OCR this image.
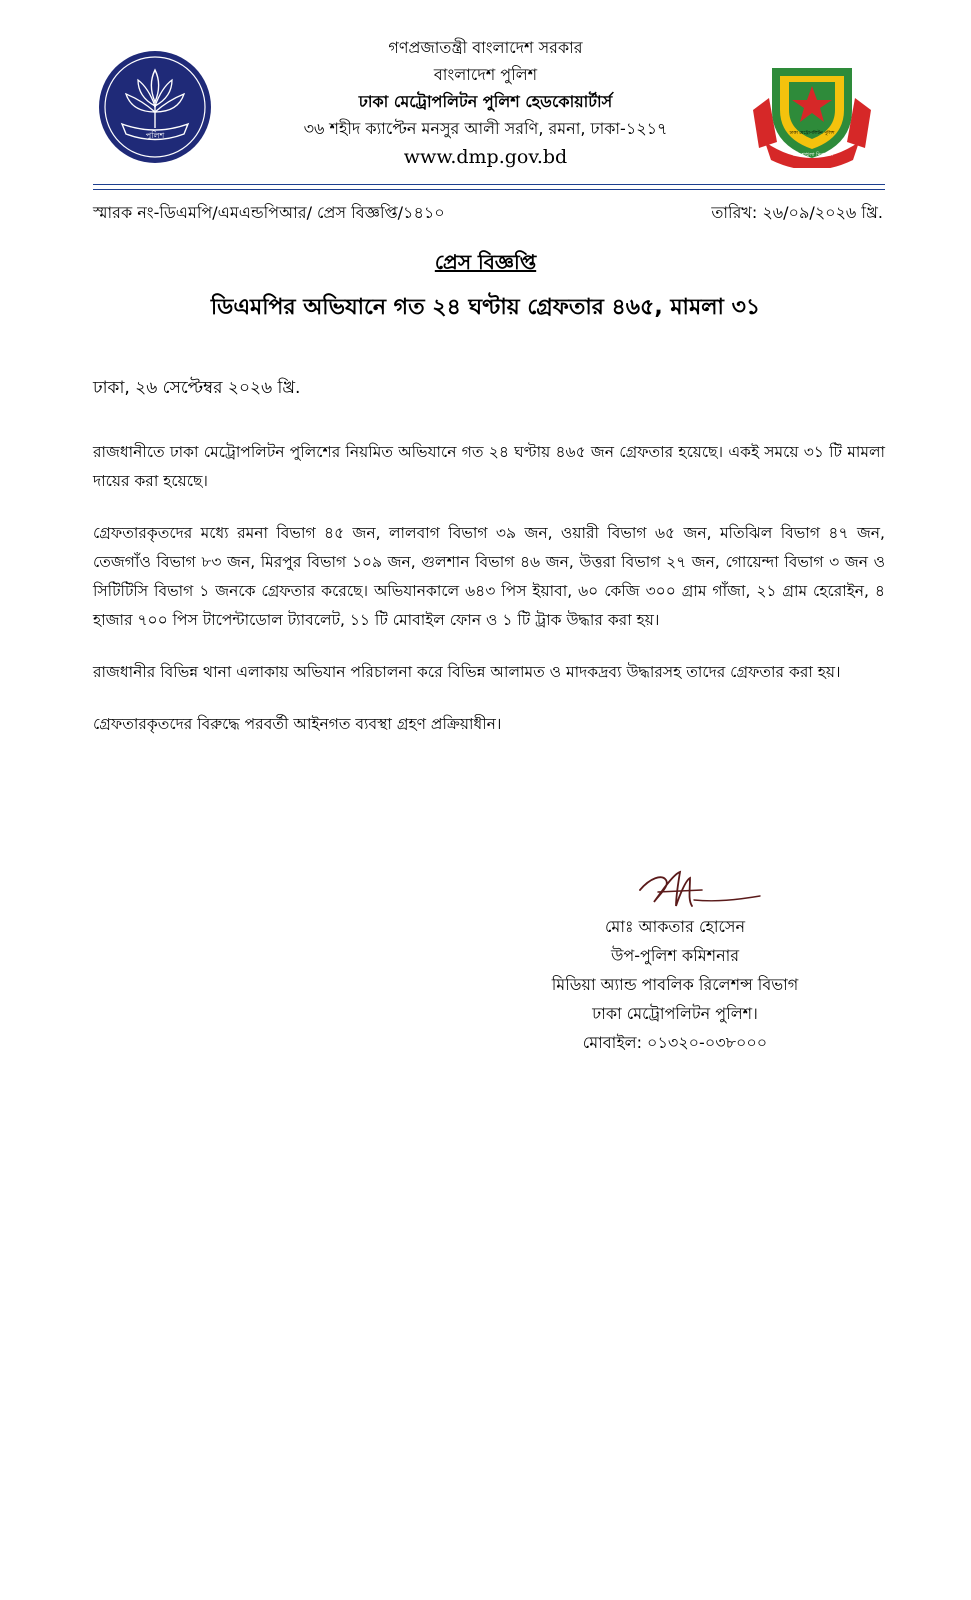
পুলিশ
গণপ্রজাতন্ত্রী বাংলাদেশ সরকার
বাংলাদেশ পুলিশ
ঢাকা মেট্রোপলিটন পুলিশ হেডকোয়ার্টার্স
৩৬ শহীদ ক্যাপ্টেন মনসুর আলী সরণি, রমনা, ঢাকা-১২১৭
www.dmp.gov.bd	শান্তি শৃঙ্খলা নিরাপত্তা
ঢাকা মেট্রোপলিটন পুলিশ
স্মারক নং-ডিএমপি/এমএন্ডপিআর/ প্রেস বিজ্ঞপ্তি/১৪১০	তারিখ: ২৬/০৯/২০২৬ খ্রি.
প্রেস বিজ্ঞপ্তি
ডিএমপির অভিযানে গত ২৪ ঘণ্টায় গ্রেফতার ৪৬৫, মামলা ৩১
ঢাকা, ২৬ সেপ্টেম্বর ২০২৬ খ্রি.

রাজধানীতে ঢাকা মেট্রোপলিটন পুলিশের নিয়মিত অভিযানে গত ২৪ ঘণ্টায় ৪৬৫ জন গ্রেফতার হয়েছে। একই সময়ে ৩১ টি মামলা দায়ের করা হয়েছে।

গ্রেফতারকৃতদের মধ্যে রমনা বিভাগ ৪৫ জন, লালবাগ বিভাগ ৩৯ জন, ওয়ারী বিভাগ ৬৫ জন, মতিঝিল বিভাগ ৪৭ জন, তেজগাঁও বিভাগ ৮৩ জন, মিরপুর বিভাগ ১০৯ জন, গুলশান বিভাগ ৪৬ জন, উত্তরা বিভাগ ২৭ জন, গোয়েন্দা বিভাগ ৩ জন ও সিটিটিসি বিভাগ ১ জনকে গ্রেফতার করেছে। অভিযানকালে ৬৪৩ পিস ইয়াবা, ৬০ কেজি ৩০০ গ্রাম গাঁজা, ২১ গ্রাম হেরোইন, ৪ হাজার ৭০০ পিস টাপেন্টাডোল ট্যাবলেট, ১১ টি মোবাইল ফোন ও ১ টি ট্রাক উদ্ধার করা হয়।

রাজধানীর বিভিন্ন থানা এলাকায় অভিযান পরিচালনা করে বিভিন্ন আলামত ও মাদকদ্রব্য উদ্ধারসহ তাদের গ্রেফতার করা হয়।

গ্রেফতারকৃতদের বিরুদ্ধে পরবর্তী আইনগত ব্যবস্থা গ্রহণ প্রক্রিয়াধীন।

মোঃ আকতার হোসেন
উপ-পুলিশ কমিশনার
মিডিয়া অ্যান্ড পাবলিক রিলেশন্স বিভাগ
ঢাকা মেট্রোপলিটন পুলিশ।
মোবাইল: ০১৩২০-০৩৮০০০
